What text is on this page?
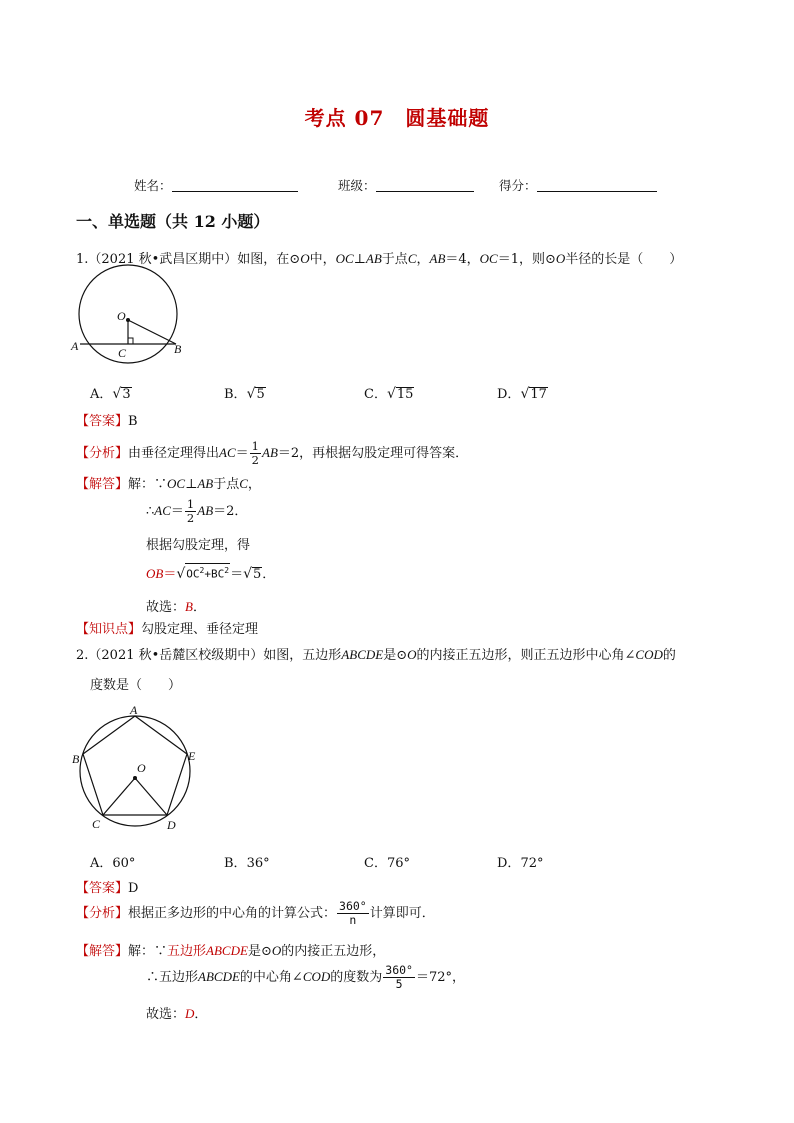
考点 07　圆基础题
姓名：	班级：	得分：
一、单选题（共 12 小题）
1.（2021 秋•武昌区期中）如图，在⊙O中，OC⊥AB于点C，AB＝4，OC＝1，则⊙O半径的长是（　　）
O
A	B
C
A．√3	B．√5	C．√15	D．√17
【答案】B
【分析】由垂径定理得出$AC= \frac{1}{2} AB=2$，再根据勾股定理可得答案．
【解答】解：∵OC⊥AB于点C，
∴AC＝ $\frac{1}{2} AB=2$．
根据勾股定理，得
$OB=√OC^2+BC^2=√5$．
故选：B．
【知识点】勾股定理、垂径定理
2.（2021 秋•岳麓区校级期中）如图，五边形ABCDE是⊙O的内接正五边形，则正五边形中心角∠COD的
度数是（　　）
A
B
C	D
E
O
A．60°	B．36°	C．76°	D．72°
【答案】D
【分析】根据正多边形的中心角的计算公式： $\frac{360^\circ}{n}$ 计算即可．
【解答】解：∵五边形ABCDE是⊙O的内接正五边形，
∴五边形ABCDE的中心角∠COD的度数为 $\frac{360^\circ}{5} =72^\circ$，
故选：D．
